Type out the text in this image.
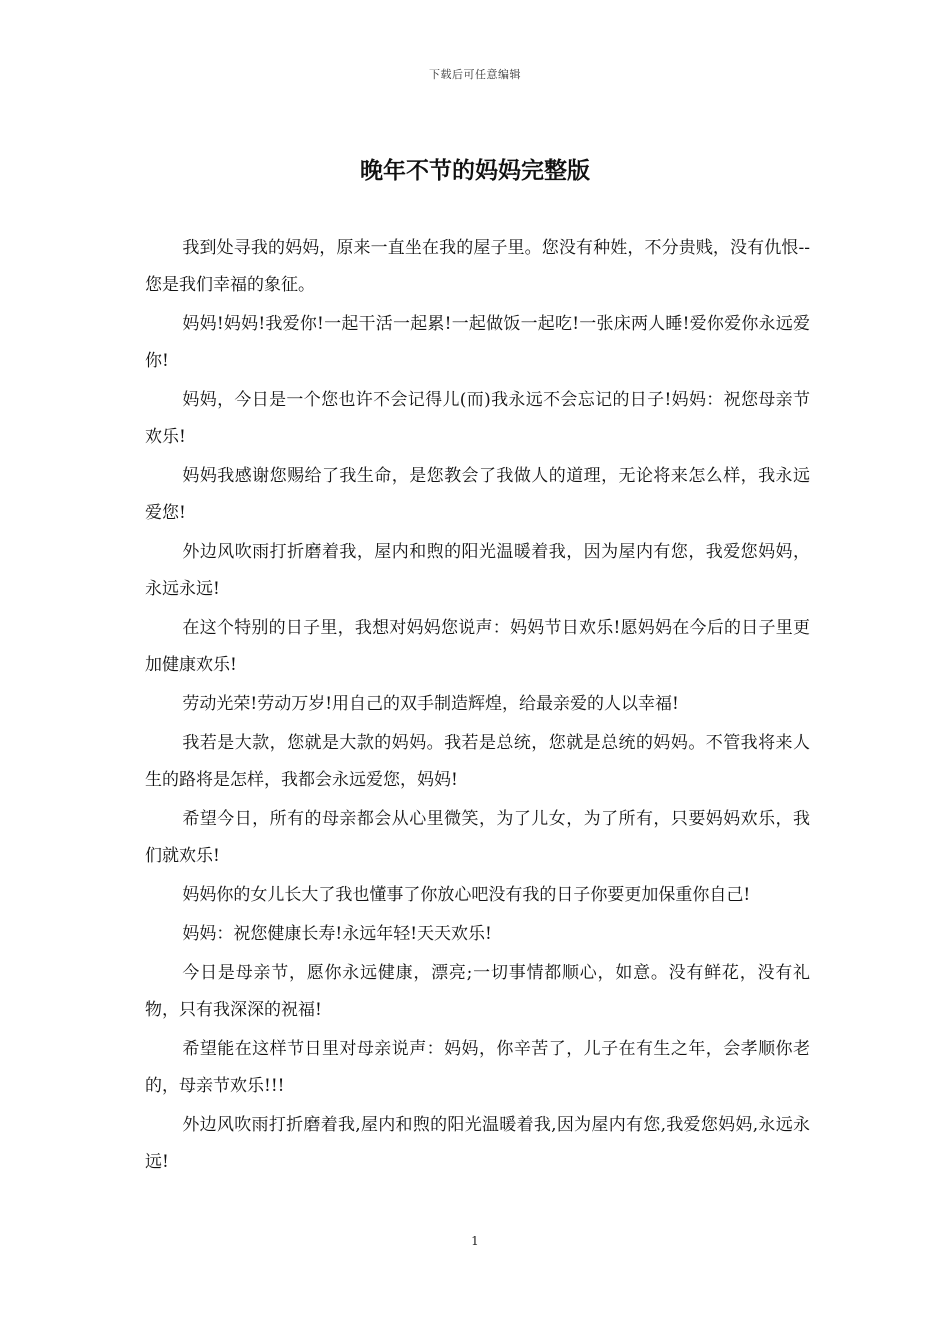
下载后可任意编辑
晚年不节的妈妈完整版

我到处寻我的妈妈，原来一直坐在我的屋子里。您没有种姓，不分贵贱，没有仇恨--您是我们幸福的象征。

妈妈!妈妈!我爱你!一起干活一起累!一起做饭一起吃!一张床两人睡!爱你爱你永远爱你!

妈妈，今日是一个您也许不会记得儿(而)我永远不会忘记的日子!妈妈：祝您母亲节欢乐!

妈妈我感谢您赐给了我生命，是您教会了我做人的道理，无论将来怎么样，我永远爱您!

外边风吹雨打折磨着我，屋内和煦的阳光温暖着我，因为屋内有您，我爱您妈妈，永远永远!

在这个特别的日子里，我想对妈妈您说声：妈妈节日欢乐!愿妈妈在今后的日子里更加健康欢乐!

劳动光荣!劳动万岁!用自己的双手制造辉煌，给最亲爱的人以幸福!

我若是大款，您就是大款的妈妈。我若是总统，您就是总统的妈妈。不管我将来人生的路将是怎样，我都会永远爱您，妈妈!

希望今日，所有的母亲都会从心里微笑，为了儿女，为了所有，只要妈妈欢乐，我们就欢乐!

妈妈你的女儿长大了我也懂事了你放心吧没有我的日子你要更加保重你自己!

妈妈：祝您健康长寿!永远年轻!天天欢乐!

今日是母亲节，愿你永远健康，漂亮;一切事情都顺心，如意。没有鲜花，没有礼物，只有我深深的祝福!

希望能在这样节日里对母亲说声：妈妈，你辛苦了，儿子在有生之年，会孝顺你老的，母亲节欢乐!!!

外边风吹雨打折磨着我,屋内和煦的阳光温暖着我,因为屋内有您,我爱您妈妈,永远永远!

1
